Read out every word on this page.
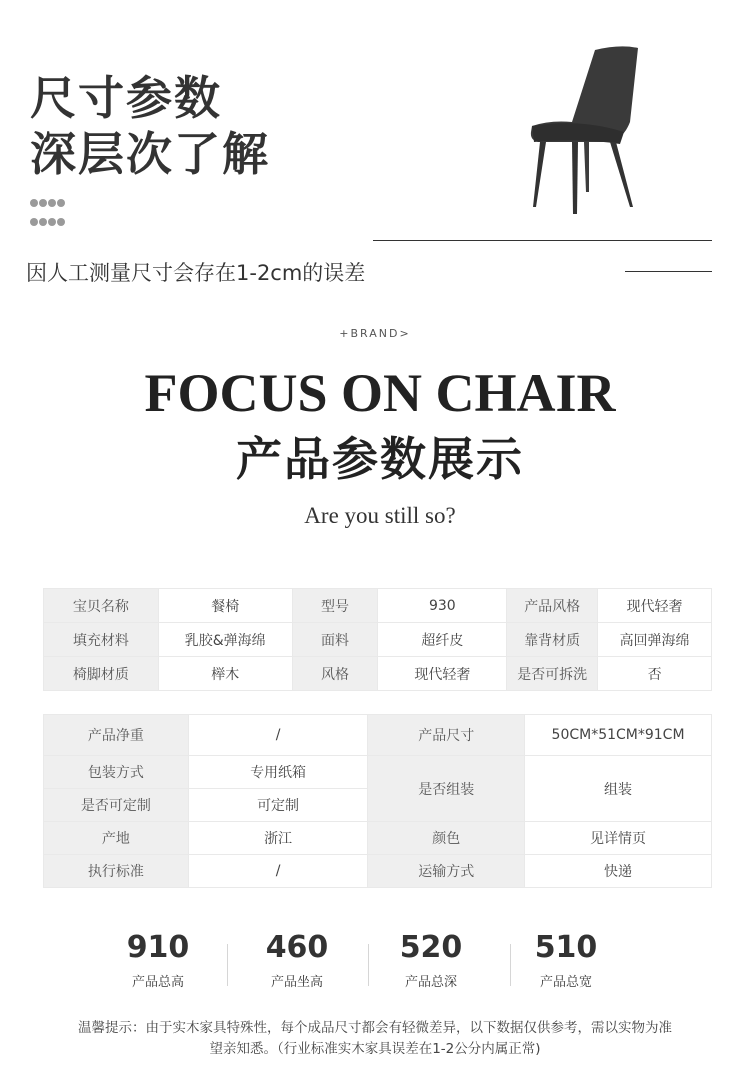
尺寸参数
深层次了解
因人工测量尺寸会存在1-2cm的误差
+BRAND>
FOCUS ON CHAIR
产品参数展示
Are you still so?
宝贝名称	餐椅	型号	930	产品风格	现代轻奢
填充材料	乳胶&弹海绵	面料	超纤皮	靠背材质	高回弹海绵
椅脚材质	榉木	风格	现代轻奢	是否可拆洗	否
产品净重	/	产品尺寸	50CM*51CM*91CM
包装方式	专用纸箱	是否组装	组装
是否可定制	可定制		
产地	浙江	颜色	见详情页
执行标准	/	运输方式	快递
910
产品总高
460
产品坐高
520
产品总深
510
产品总宽
温馨提示：由于实木家具特殊性，每个成品尺寸都会有轻微差异，以下数据仅供参考，需以实物为准
望亲知悉。（行业标准实木家具误差在1-2公分内属正常)
